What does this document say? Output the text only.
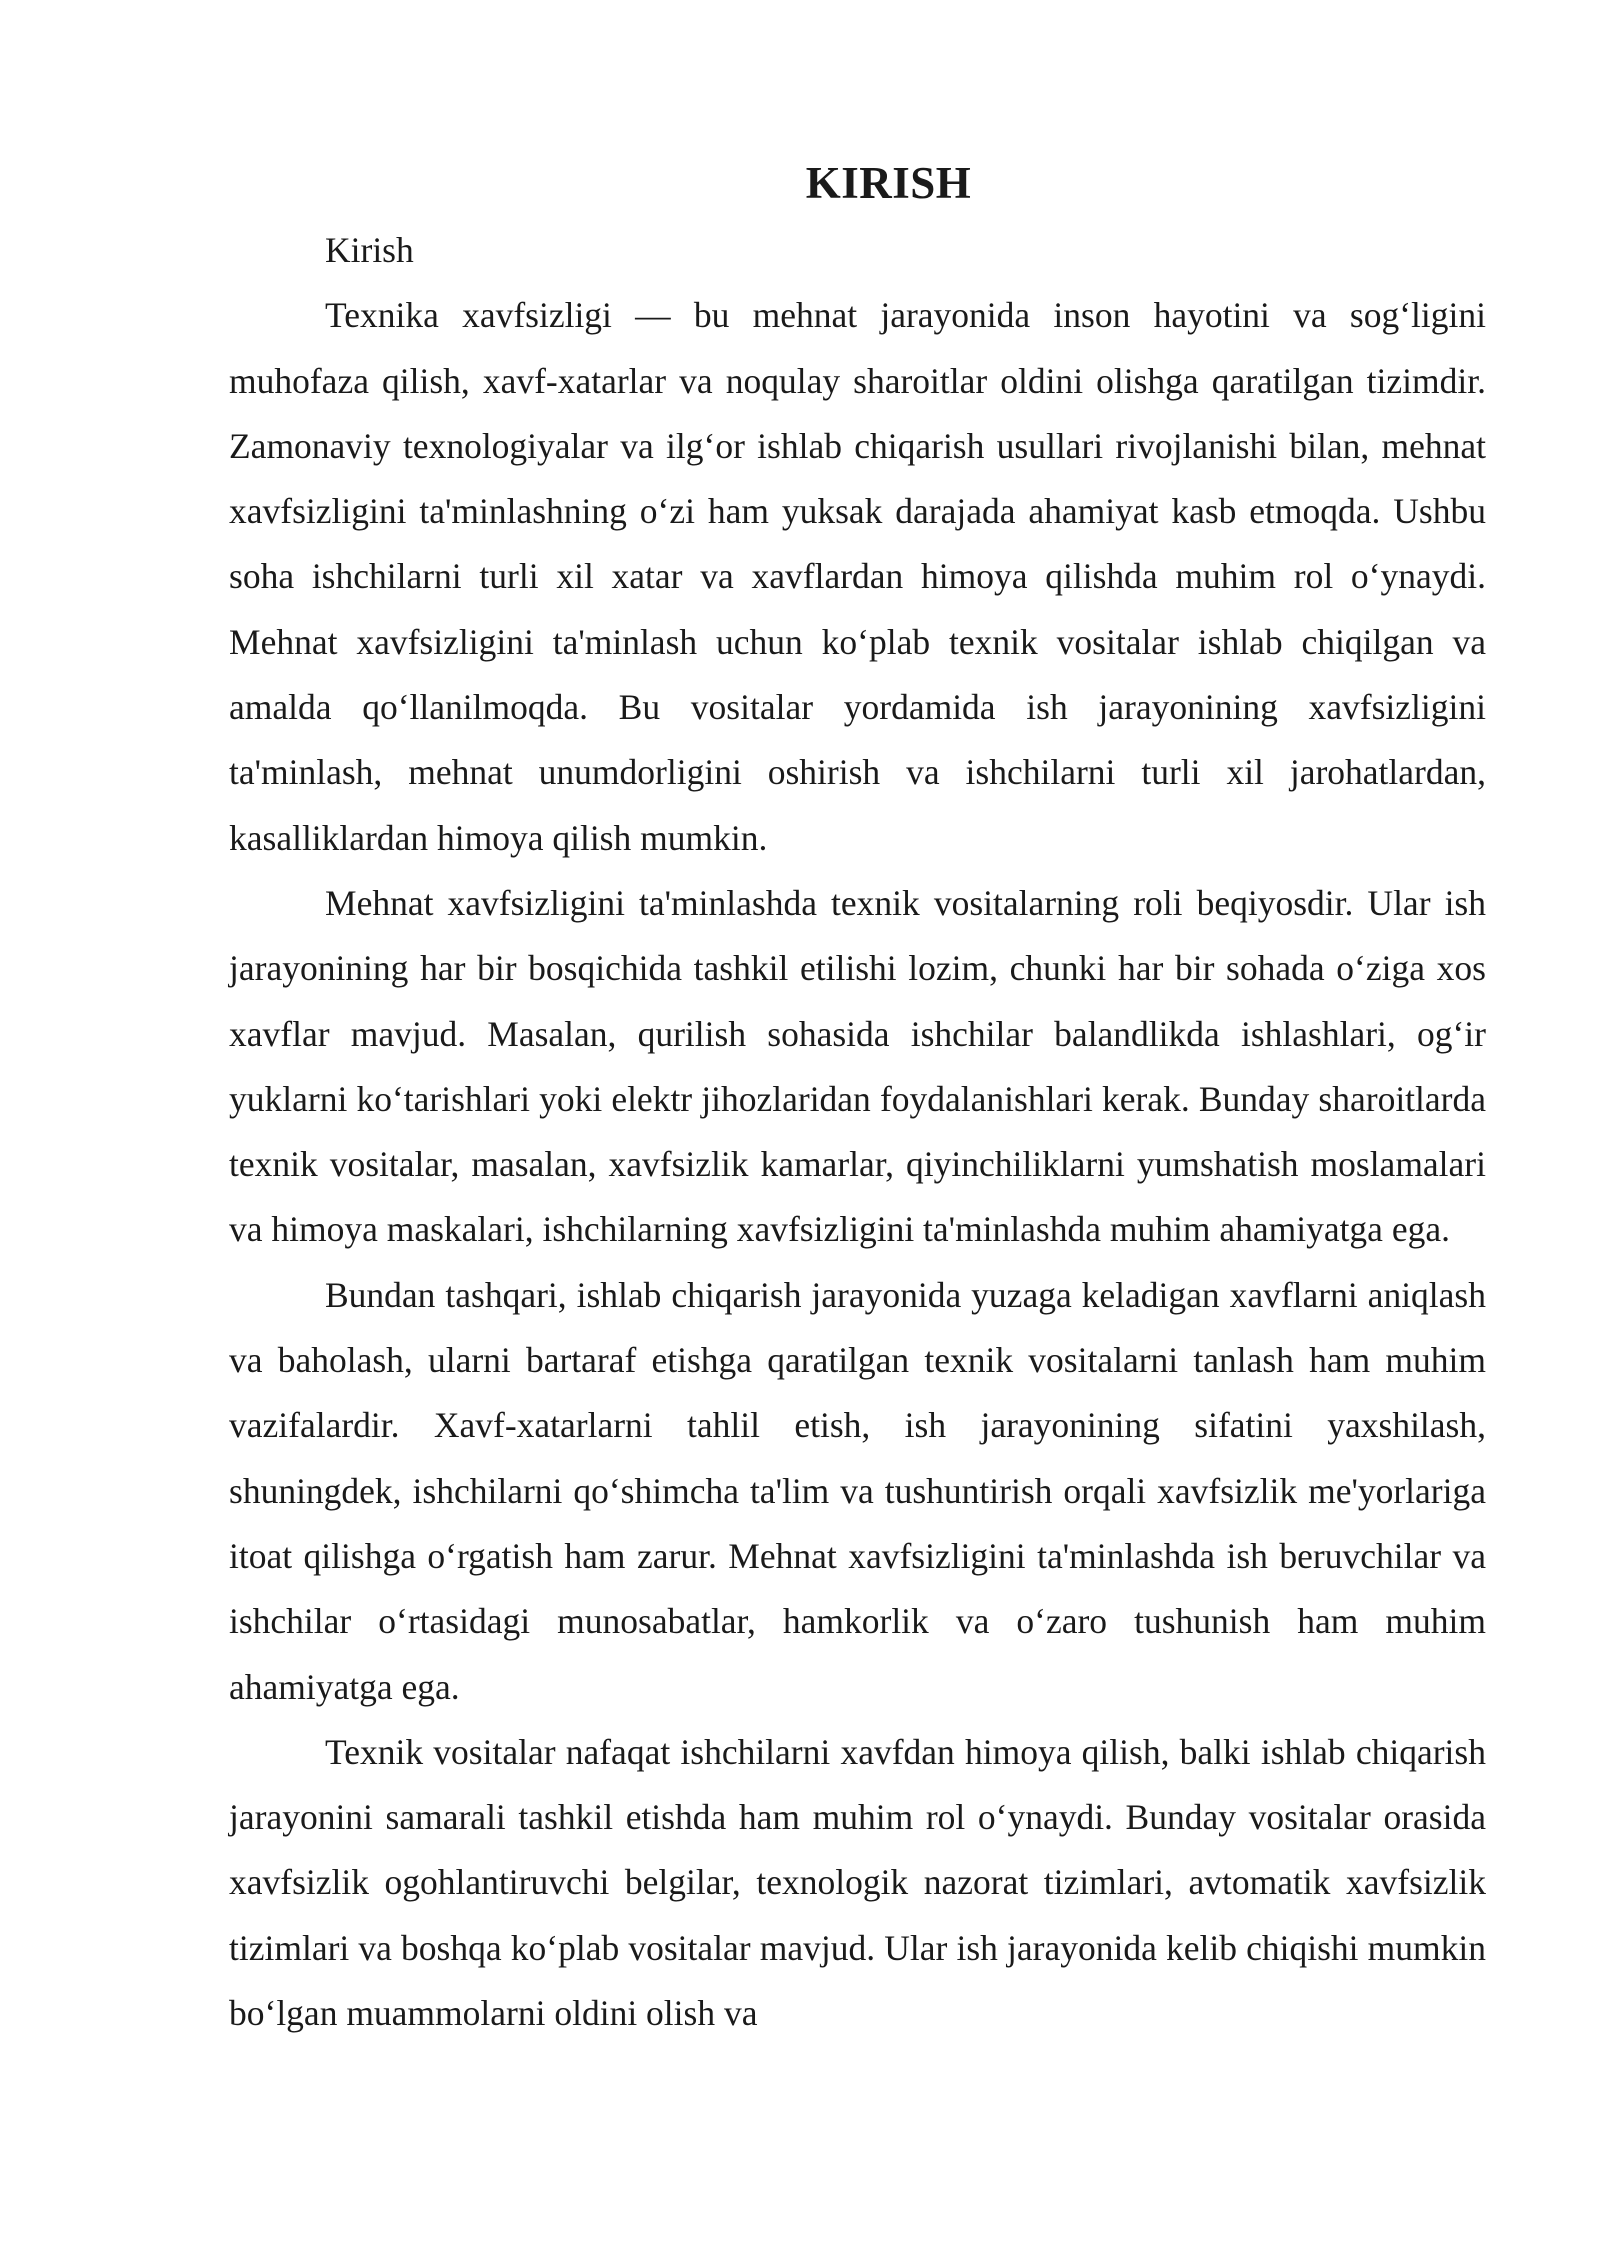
KIRISH

Kirish

Texnika xavfsizligi — bu mehnat jarayonida inson hayotini va sog‘ligini muhofaza qilish, xavf-xatarlar va noqulay sharoitlar oldini olishga qaratilgan tizimdir. Zamonaviy texnologiyalar va ilg‘or ishlab chiqarish usullari rivojlanishi bilan, mehnat xavfsizligini ta'minlashning o‘zi ham yuksak darajada ahamiyat kasb etmoqda. Ushbu soha ishchilarni turli xil xatar va xavflardan himoya qilishda muhim rol o‘ynaydi. Mehnat xavfsizligini ta'minlash uchun ko‘plab texnik vositalar ishlab chiqilgan va amalda qo‘llanilmoqda. Bu vositalar yordamida ish jarayonining xavfsizligini ta'minlash, mehnat unumdorligini oshirish va ishchilarni turli xil jarohatlardan, kasalliklardan himoya qilish mumkin.

Mehnat xavfsizligini ta'minlashda texnik vositalarning roli beqiyosdir. Ular ish jarayonining har bir bosqichida tashkil etilishi lozim, chunki har bir sohada o‘ziga xos xavflar mavjud. Masalan, qurilish sohasida ishchilar balandlikda ishlashlari, og‘ir yuklarni ko‘tarishlari yoki elektr jihozlaridan foydalanishlari kerak. Bunday sharoitlarda texnik vositalar, masalan, xavfsizlik kamarlar, qiyinchiliklarni yumshatish moslamalari va himoya maskalari, ishchilarning xavfsizligini ta'minlashda muhim ahamiyatga ega.

Bundan tashqari, ishlab chiqarish jarayonida yuzaga keladigan xavflarni aniqlash va baholash, ularni bartaraf etishga qaratilgan texnik vositalarni tanlash ham muhim vazifalardir. Xavf-xatarlarni tahlil etish, ish jarayonining sifatini yaxshilash, shuningdek, ishchilarni qo‘shimcha ta'lim va tushuntirish orqali xavfsizlik me'yorlariga itoat qilishga o‘rgatish ham zarur. Mehnat xavfsizligini ta'minlashda ish beruvchilar va ishchilar o‘rtasidagi munosabatlar, hamkorlik va o‘zaro tushunish ham muhim ahamiyatga ega.

Texnik vositalar nafaqat ishchilarni xavfdan himoya qilish, balki ishlab chiqarish jarayonini samarali tashkil etishda ham muhim rol o‘ynaydi. Bunday vositalar orasida xavfsizlik ogohlantiruvchi belgilar, texnologik nazorat tizimlari, avtomatik xavfsizlik tizimlari va boshqa ko‘plab vositalar mavjud. Ular ish jarayonida kelib chiqishi mumkin bo‘lgan muammolarni oldini olish va
